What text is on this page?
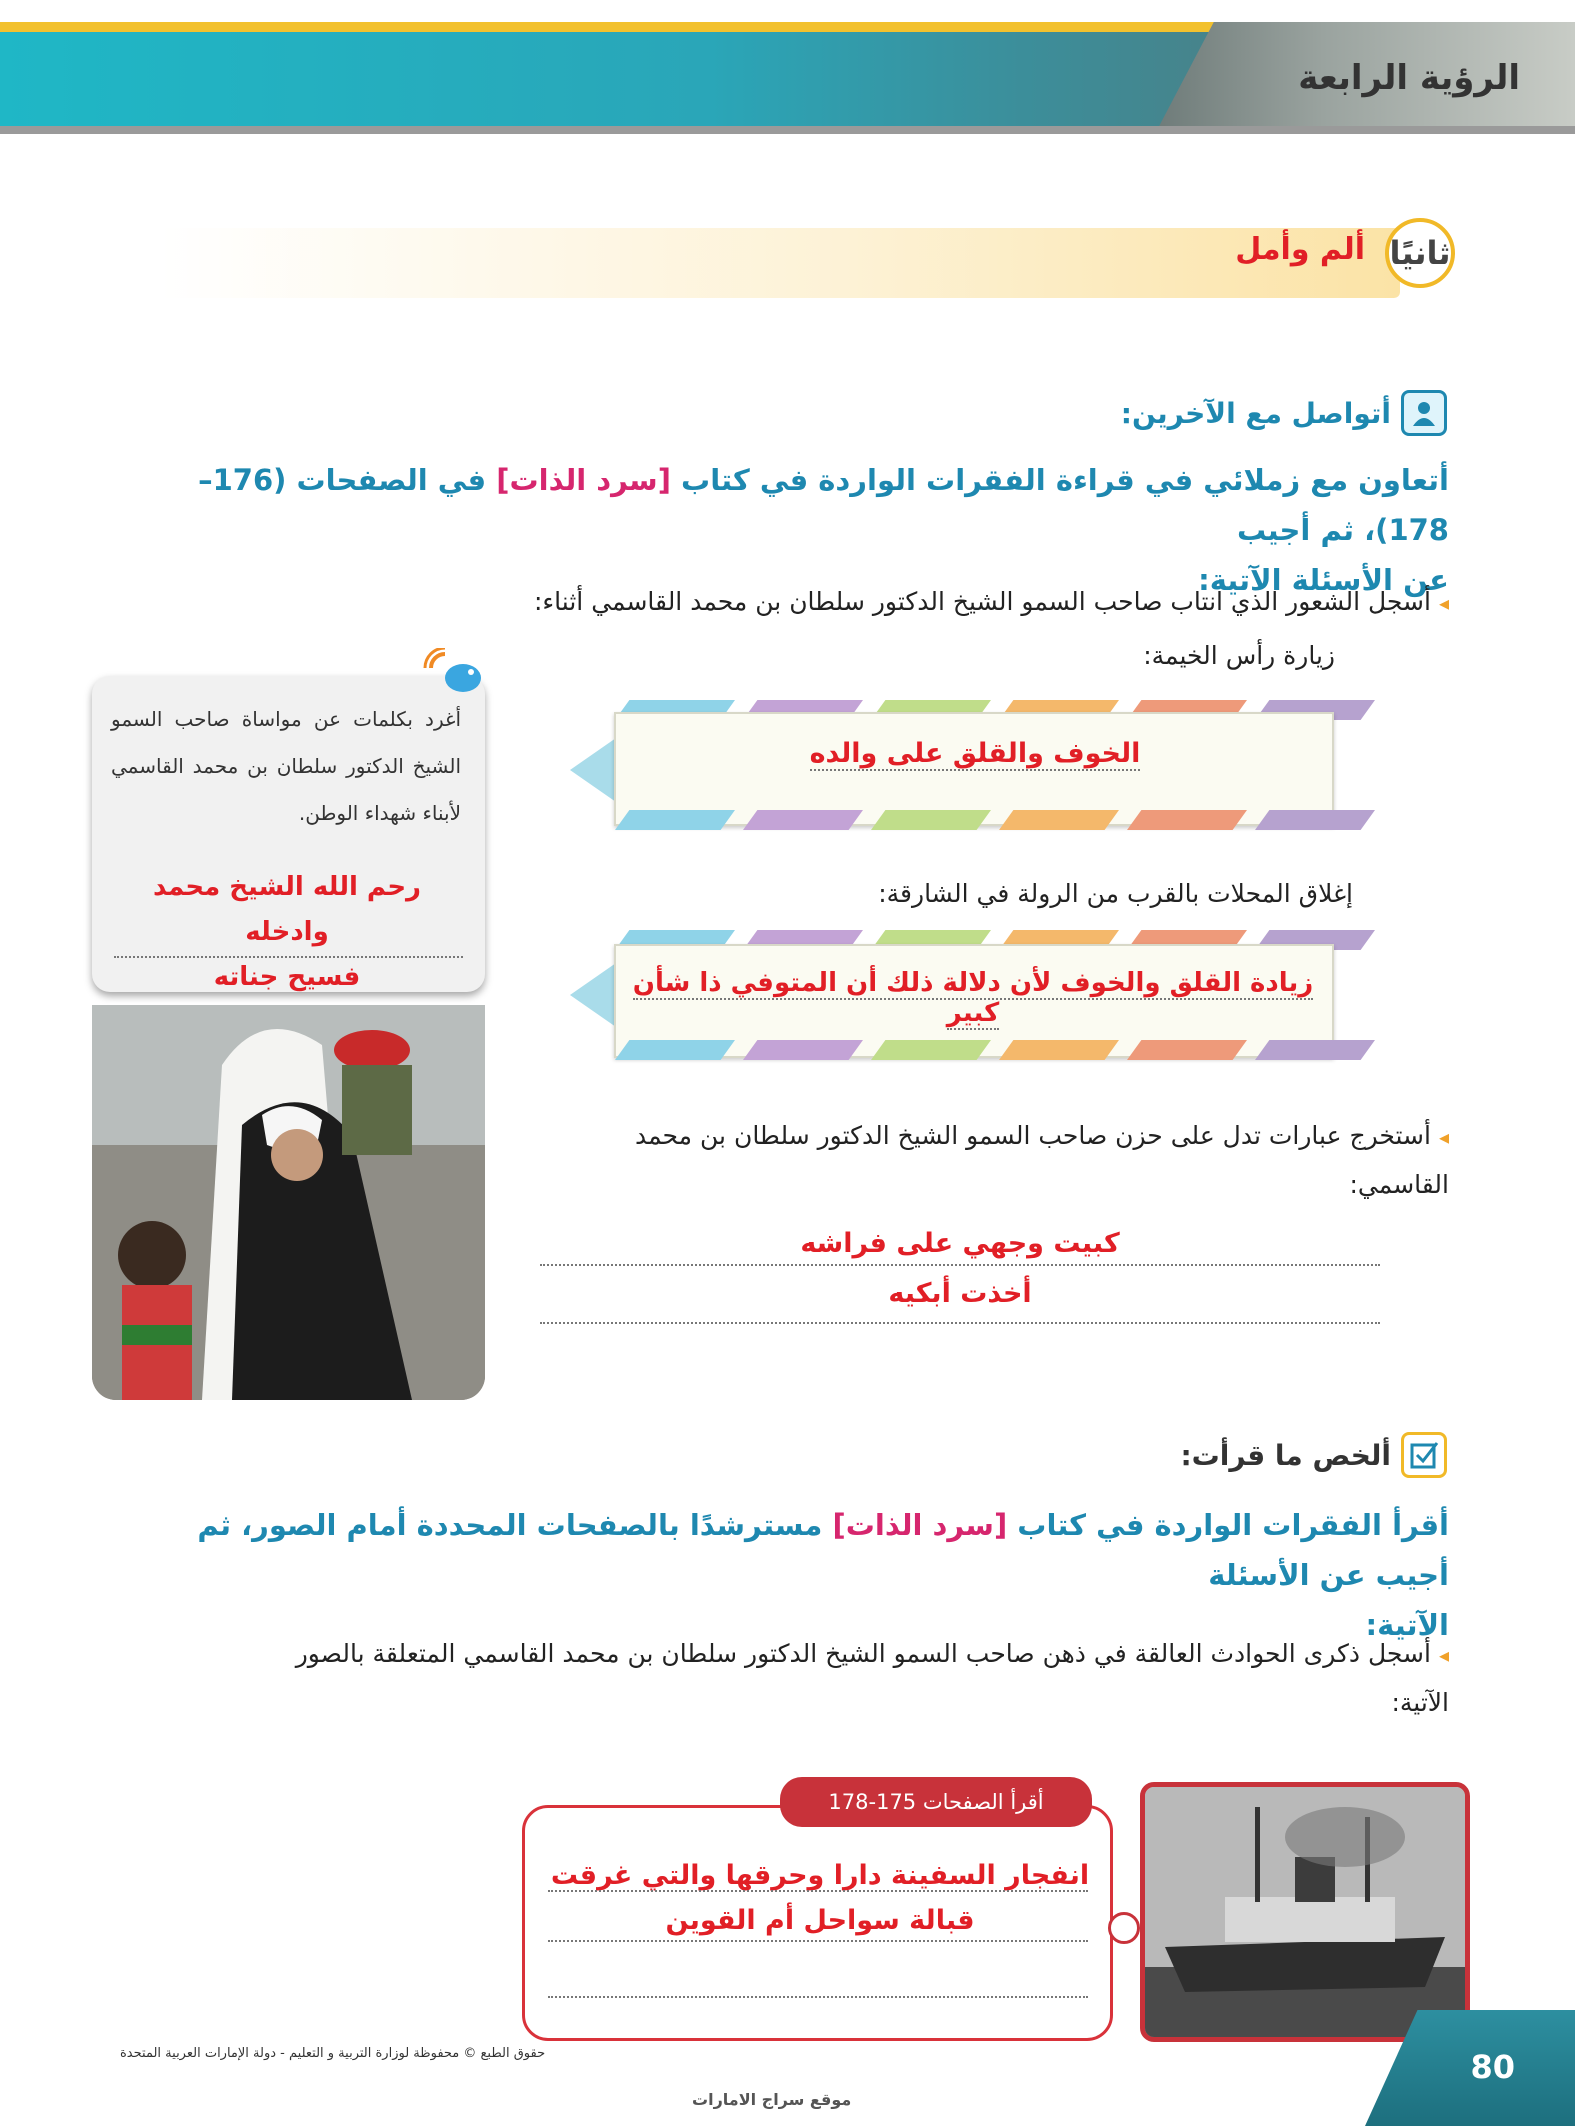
الرؤية الرابعة
ثانيًا
ألم وأمل
أتواصل مع الآخرين:
أتعاون مع زملائي في قراءة الفقرات الواردة في كتاب [سرد الذات] في الصفحات (176–178)، ثم أجيب
عن الأسئلة الآتية:
◂أسجل الشعور الذي انتاب صاحب السمو الشيخ الدكتور سلطان بن محمد القاسمي أثناء:
زيارة رأس الخيمة:
الخوف والقلق على والده
إغلاق المحلات بالقرب من الرولة في الشارقة:
زيادة القلق والخوف لأن دلالة ذلك أن المتوفي ذا شأن كبير
◂أستخرج عبارات تدل على حزن صاحب السمو الشيخ الدكتور سلطان بن محمد
القاسمي:
كبيت وجهي على فراشه
أخذت أبكيه
أغرد بكلمات عن مواساة صاحب السمو الشيخ الدكتور سلطان بن محمد القاسمي لأبناء شهداء الوطن.
رحم الله الشيخ محمد وادخله
فسيح جناته
ألخص ما قرأت:
أقرأ الفقرات الواردة في كتاب [سرد الذات] مسترشدًا بالصفحات المحددة أمام الصور، ثم أجيب عن الأسئلة
الآتية:
◂أسجل ذكرى الحوادث العالقة في ذهن صاحب السمو الشيخ الدكتور سلطان بن محمد القاسمي المتعلقة بالصور
الآتية:
أقرأ الصفحات 175-178
انفجار السفينة دارا وحرقها والتي غرقت
قبالة سواحل أم القوين
حقوق الطبع © محفوظة لوزارة التربية و التعليم - دولة الإمارات العربية المتحدة
موقع سراج الامارات
80
